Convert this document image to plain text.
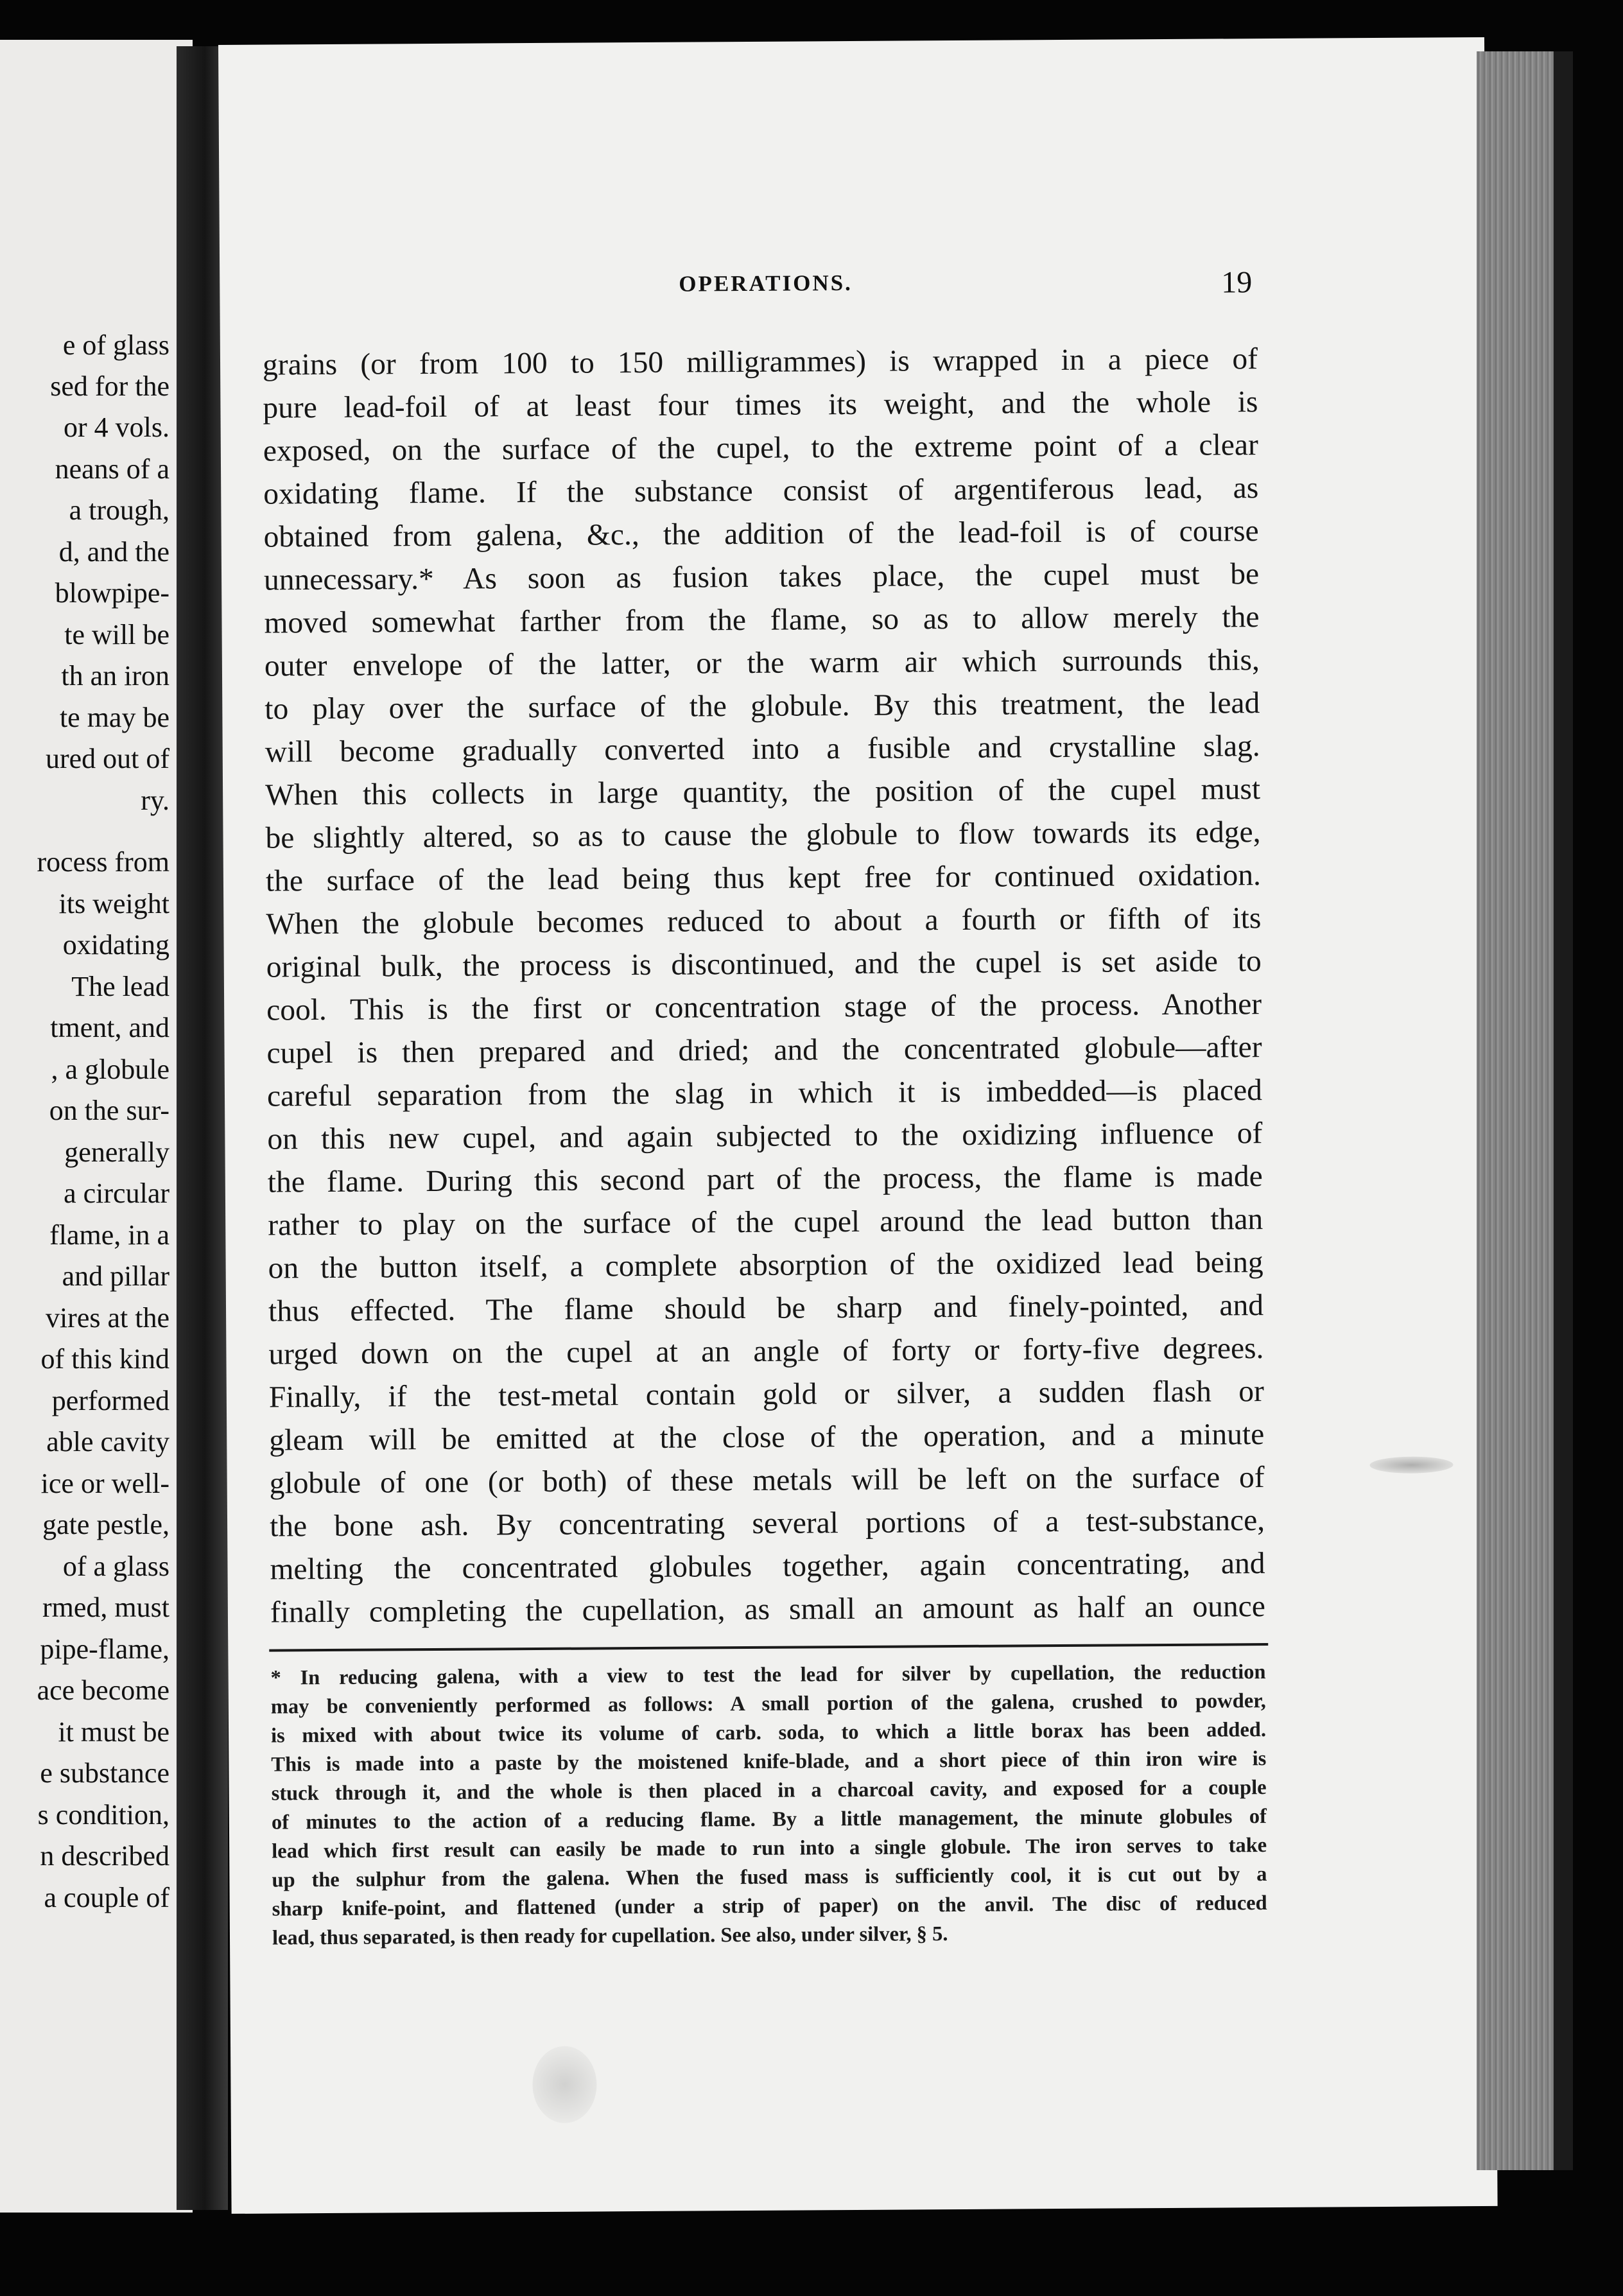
e of glass
sed for the
or 4 vols.
neans of a
a trough,
d, and the
blowpipe-
te will be
th an iron
te may be
ured out of
ry.
rocess from
its weight
oxidating
The lead
tment, and
, a globule
on the sur-
generally
a circular
flame, in a
and pillar
vires at the
of this kind
performed
able cavity
ice or well-
gate pestle,
of a glass
rmed, must
pipe-flame,
ace become
it must be
e substance
s condition,
n described
a couple of
OPERATIONS.	19
grains (or from 100 to 150 milligrammes) is wrapped in a piece of
pure lead-foil of at least four times its weight, and the whole is
exposed, on the surface of the cupel, to the extreme point of a clear
oxidating flame. If the substance consist of argentiferous lead, as
obtained from galena, &c., the addition of the lead-foil is of course
unnecessary.* As soon as fusion takes place, the cupel must be
moved somewhat farther from the flame, so as to allow merely the
outer envelope of the latter, or the warm air which surrounds this,
to play over the surface of the globule. By this treatment, the lead
will become gradually converted into a fusible and crystalline slag.
When this collects in large quantity, the position of the cupel must
be slightly altered, so as to cause the globule to flow towards its edge,
the surface of the lead being thus kept free for continued oxidation.
When the globule becomes reduced to about a fourth or fifth of its
original bulk, the process is discontinued, and the cupel is set aside to
cool. This is the first or concentration stage of the process. Another
cupel is then prepared and dried; and the concentrated globule—after
careful separation from the slag in which it is imbedded—is placed
on this new cupel, and again subjected to the oxidizing influence of
the flame. During this second part of the process, the flame is made
rather to play on the surface of the cupel around the lead button than
on the button itself, a complete absorption of the oxidized lead being
thus effected. The flame should be sharp and finely-pointed, and
urged down on the cupel at an angle of forty or forty-five degrees.
Finally, if the test-metal contain gold or silver, a sudden flash or
gleam will be emitted at the close of the operation, and a minute
globule of one (or both) of these metals will be left on the surface of
the bone ash. By concentrating several portions of a test-substance,
melting the concentrated globules together, again concentrating, and
finally completing the cupellation, as small an amount as half an ounce
* In reducing galena, with a view to test the lead for silver by cupellation, the reduction
may be conveniently performed as follows: A small portion of the galena, crushed to powder,
is mixed with about twice its volume of carb. soda, to which a little borax has been added.
This is made into a paste by the moistened knife-blade, and a short piece of thin iron wire is
stuck through it, and the whole is then placed in a charcoal cavity, and exposed for a couple
of minutes to the action of a reducing flame. By a little management, the minute globules of
lead which first result can easily be made to run into a single globule. The iron serves to take
up the sulphur from the galena. When the fused mass is sufficiently cool, it is cut out by a
sharp knife-point, and flattened (under a strip of paper) on the anvil. The disc of reduced
lead, thus separated, is then ready for cupellation. See also, under silver, § 5.
